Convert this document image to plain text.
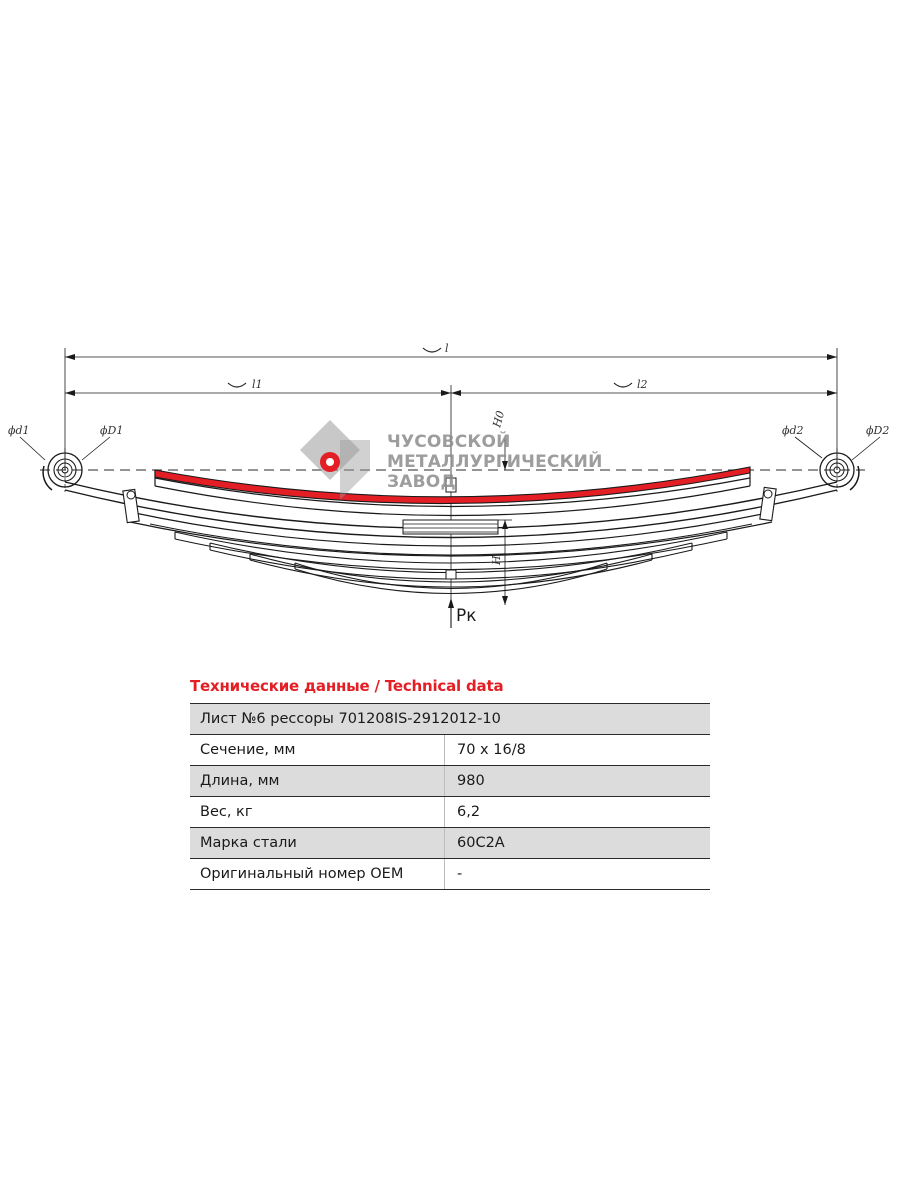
ЧУСОВСКОЙ
МЕТАЛЛУРГИЧЕСКИЙ
ЗАВОД
l
l1	l2
ϕd1	ϕD1	ϕd2	ϕD2
H0
H
Pк
Технические данные / Technical data
Лист №6 рессоры 701208IS-2912012-10	
Сечение, мм	70 x 16/8
Длина, мм	980
Вес, кг	6,2
Марка стали	60С2А
Оригинальный номер OEM	-
